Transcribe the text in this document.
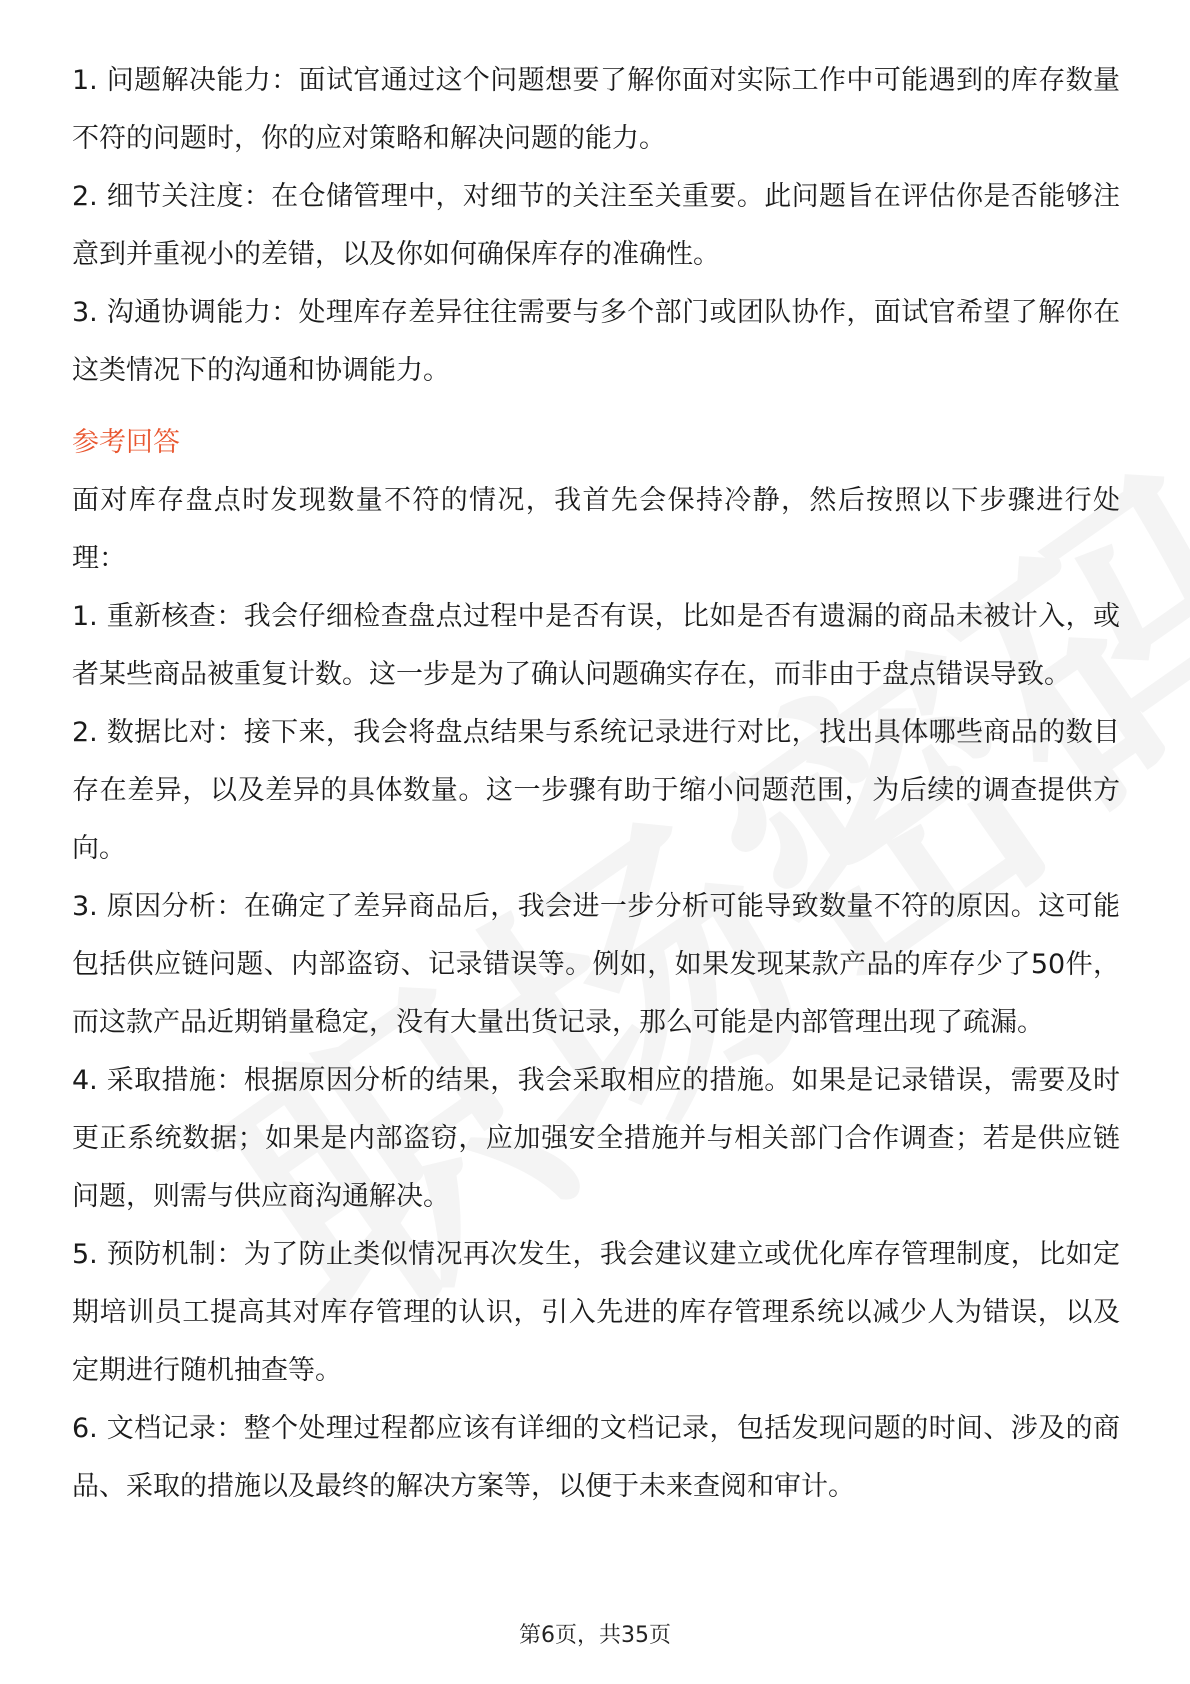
1. 问题解决能力：面试官通过这个问题想要了解你面对实际工作中可能遇到的库存数量不符的问题时，你的应对策略和解决问题的能力。

2. 细节关注度：在仓储管理中，对细节的关注至关重要。此问题旨在评估你是否能够注意到并重视小的差错，以及你如何确保库存的准确性。

3. 沟通协调能力：处理库存差异往往需要与多个部门或团队协作，面试官希望了解你在这类情况下的沟通和协调能力。

参考回答

面对库存盘点时发现数量不符的情况，我首先会保持冷静，然后按照以下步骤进行处理：

1. 重新核查：我会仔细检查盘点过程中是否有误，比如是否有遗漏的商品未被计入，或者某些商品被重复计数。这一步是为了确认问题确实存在，而非由于盘点错误导致。

2. 数据比对：接下来，我会将盘点结果与系统记录进行对比，找出具体哪些商品的数目存在差异，以及差异的具体数量。这一步骤有助于缩小问题范围，为后续的调查提供方向。

3. 原因分析：在确定了差异商品后，我会进一步分析可能导致数量不符的原因。这可能包括供应链问题、内部盗窃、记录错误等。例如，如果发现某款产品的库存少了50件，而这款产品近期销量稳定，没有大量出货记录，那么可能是内部管理出现了疏漏。

4. 采取措施：根据原因分析的结果，我会采取相应的措施。如果是记录错误，需要及时更正系统数据；如果是内部盗窃，应加强安全措施并与相关部门合作调查；若是供应链问题，则需与供应商沟通解决。

5. 预防机制：为了防止类似情况再次发生，我会建议建立或优化库存管理制度，比如定期培训员工提高其对库存管理的认识，引入先进的库存管理系统以减少人为错误，以及定期进行随机抽查等。

6. 文档记录：整个处理过程都应该有详细的文档记录，包括发现问题的时间、涉及的商品、采取的措施以及最终的解决方案等，以便于未来查阅和审计。

第6页，共35页
